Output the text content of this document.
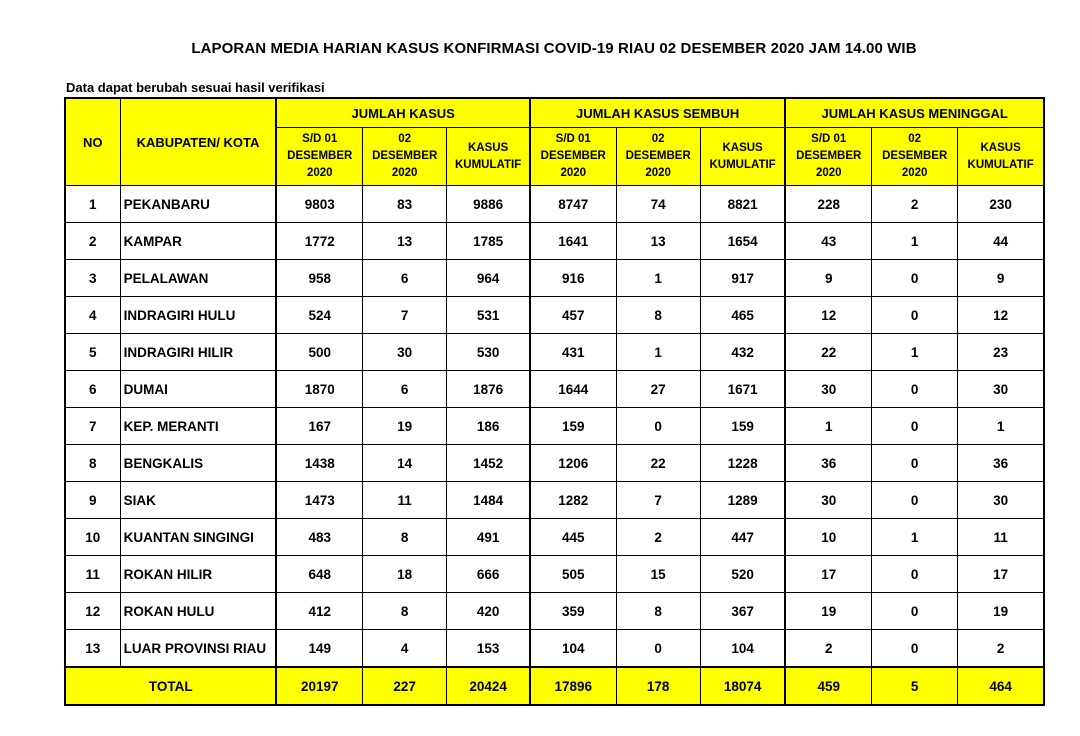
LAPORAN MEDIA HARIAN KASUS KONFIRMASI COVID-19 RIAU 02 DESEMBER 2020 JAM 14.00 WIB
Data dapat berubah sesuai hasil verifikasi
NO	KABUPATEN/ KOTA	JUMLAH KASUS			JUMLAH KASUS SEMBUH			JUMLAH KASUS MENINGGAL		
		S/D 01
DESEMBER
2020	02
DESEMBER
2020	KASUS
KUMULATIF	S/D 01
DESEMBER
2020	02
DESEMBER
2020	KASUS
KUMULATIF	S/D 01
DESEMBER
2020	02
DESEMBER
2020	KASUS
KUMULATIF
1	PEKANBARU	9803	83	9886	8747	74	8821	228	2	230
2	KAMPAR	1772	13	1785	1641	13	1654	43	1	44
3	PELALAWAN	958	6	964	916	1	917	9	0	9
4	INDRAGIRI HULU	524	7	531	457	8	465	12	0	12
5	INDRAGIRI HILIR	500	30	530	431	1	432	22	1	23
6	DUMAI	1870	6	1876	1644	27	1671	30	0	30
7	KEP. MERANTI	167	19	186	159	0	159	1	0	1
8	BENGKALIS	1438	14	1452	1206	22	1228	36	0	36
9	SIAK	1473	11	1484	1282	7	1289	30	0	30
10	KUANTAN SINGINGI	483	8	491	445	2	447	10	1	11
11	ROKAN HILIR	648	18	666	505	15	520	17	0	17
12	ROKAN HULU	412	8	420	359	8	367	19	0	19
13	LUAR PROVINSI RIAU	149	4	153	104	0	104	2	0	2
TOTAL		20197	227	20424	17896	178	18074	459	5	464
